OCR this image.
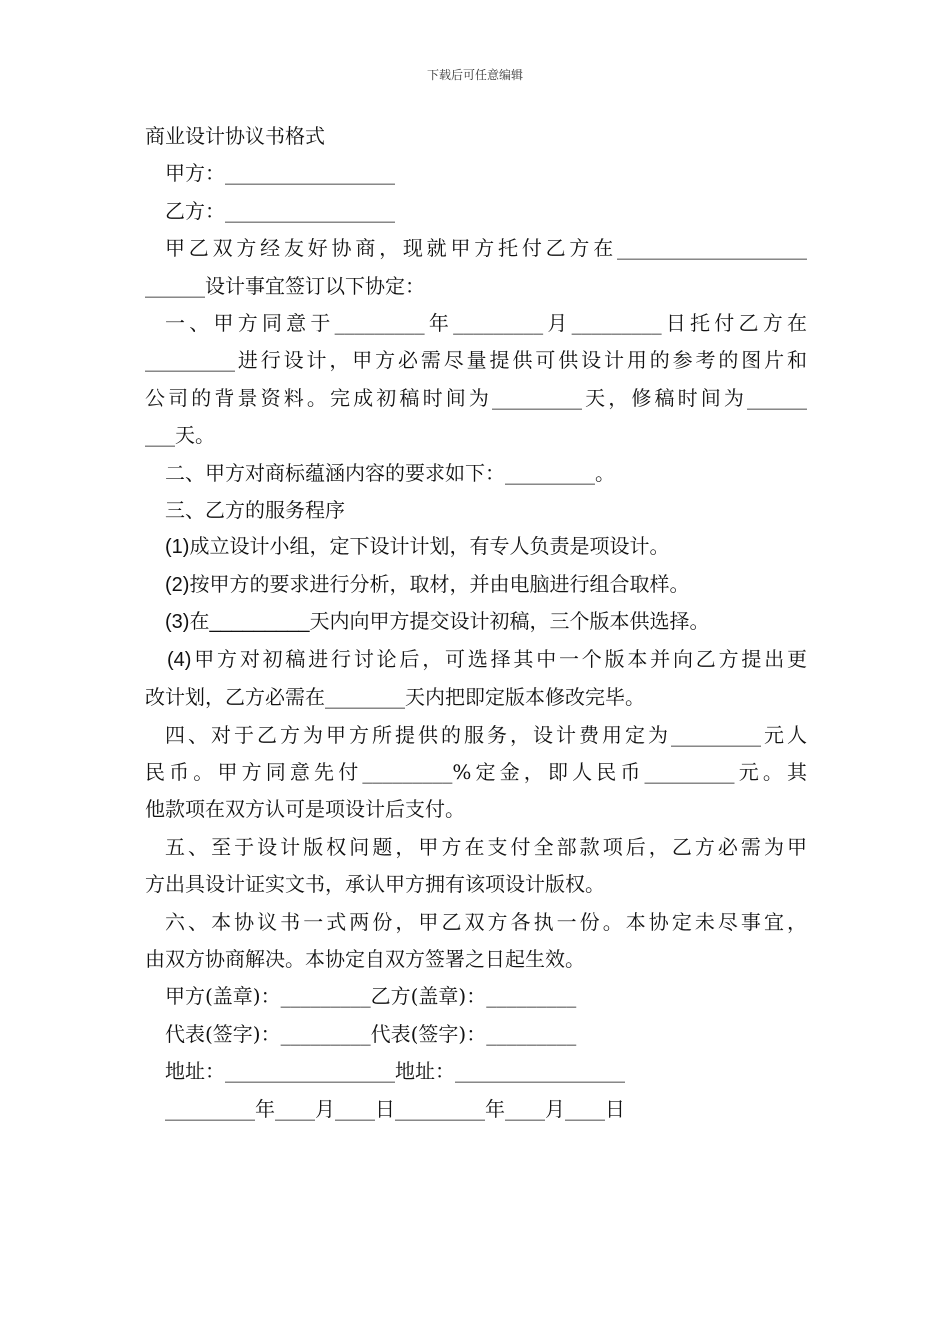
下载后可任意编辑
商业设计协议书格式
甲方：_________________
乙方：_________________
甲乙双方经友好协商，现就甲方托付乙方在___________________
______设计事宜签订以下协定：
一、甲方同意于_________年_________月_________日托付乙方在
_________进行设计，甲方必需尽量提供可供设计用的参考的图片和
公司的背景资料。完成初稿时间为_________天，修稿时间为______
___天。
二、甲方对商标蕴涵内容的要求如下：_________。
三、乙方的服务程序
(1)成立设计小组，定下设计计划，有专人负责是项设计。
(2)按甲方的要求进行分析，取材，并由电脑进行组合取样。
(3)在_________天内向甲方提交设计初稿，三个版本供选择。
(4)甲方对初稿进行讨论后，可选择其中一个版本并向乙方提出更
改计划，乙方必需在________天内把即定版本修改完毕。
四、对于乙方为甲方所提供的服务，设计费用定为_________元人
民币。甲方同意先付_________%定金，即人民币_________元。其
他款项在双方认可是项设计后支付。
五、至于设计版权问题，甲方在支付全部款项后，乙方必需为甲
方出具设计证实文书，承认甲方拥有该项设计版权。
六、本协议书一式两份，甲乙双方各执一份。本协定未尽事宜，
由双方协商解决。本协定自双方签署之日起生效。
甲方(盖章)：_________乙方(盖章)：_________
代表(签字)：_________代表(签字)：_________
地址：_________________地址：_________________
_________年____月____日_________年____月____日
